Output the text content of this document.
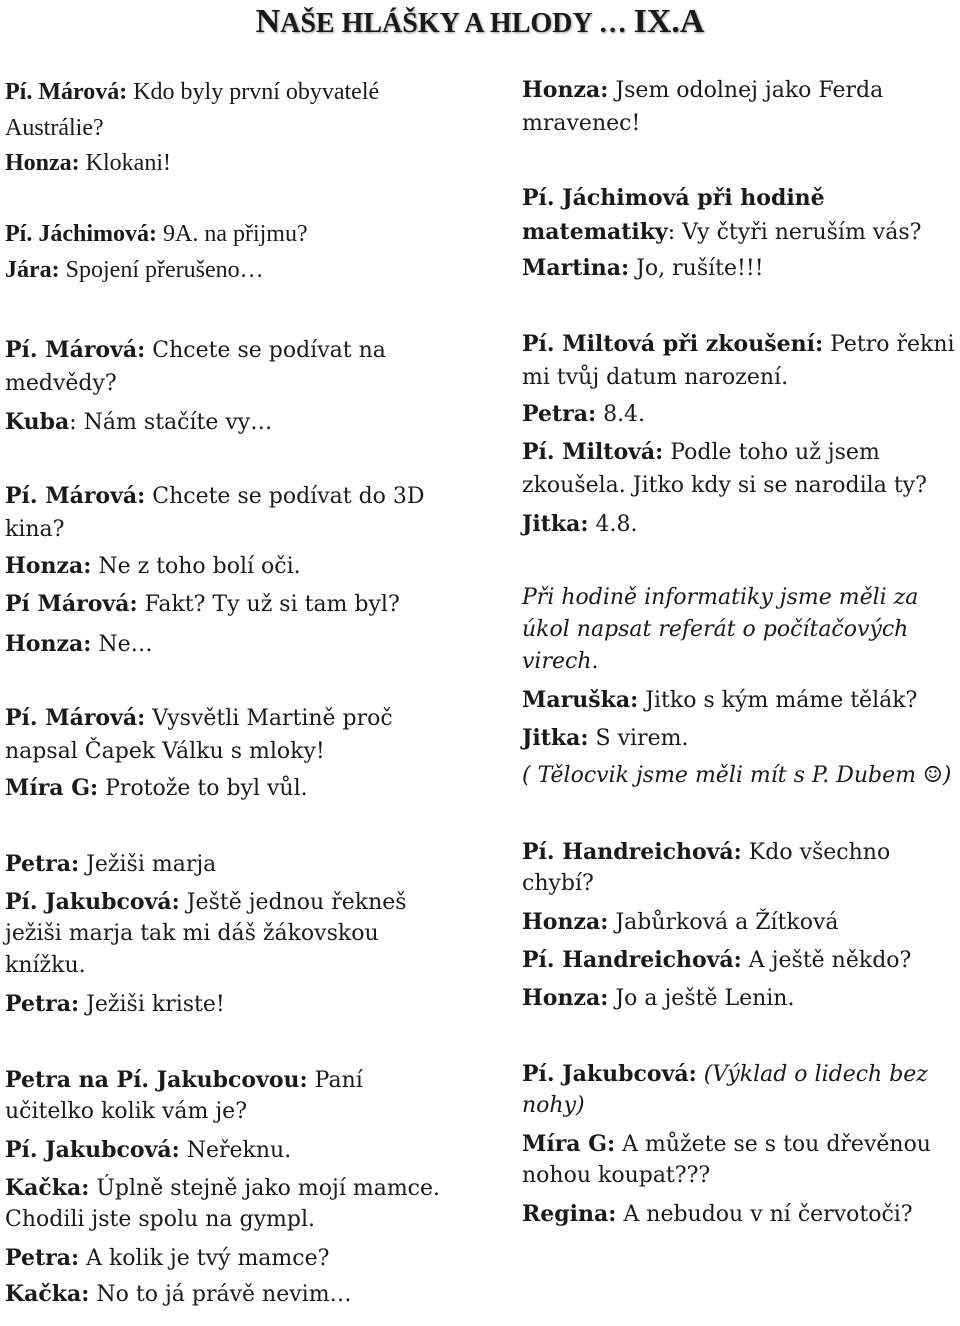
NAŠE HLÁŠKY A HLODY … IX.A
Pí. Márová: Kdo byly první obyvatelé
Austrálie?
Honza: Klokani!
Pí. Jáchimová: 9A. na přijmu?
Jára: Spojení přerušeno…
Pí. Márová: Chcete se podívat na
medvědy?
Kuba: Nám stačíte vy…
Pí. Márová: Chcete se podívat do 3D
kina?
Honza: Ne z toho bolí oči.
Pí Márová: Fakt? Ty už si tam byl?
Honza: Ne…
Pí. Márová: Vysvětli Martině proč
napsal Čapek Válku s mloky!
Míra G: Protože to byl vůl.
Petra: Ježiši marja
Pí. Jakubcová: Ještě jednou řekneš
ježiši marja tak mi dáš žákovskou
knížku.
Petra: Ježiši kriste!
Petra na Pí. Jakubcovou: Paní
učitelko kolik vám je?
Pí. Jakubcová: Neřeknu.
Kačka: Úplně stejně jako mojí mamce.
Chodili jste spolu na gympl.
Petra: A kolik je tvý mamce?
Kačka: No to já právě nevim…
Honza: Jsem odolnej jako Ferda
mravenec!
Pí. Jáchimová při hodině
matematiky: Vy čtyři neruším vás?
Martina: Jo, rušíte!!!
Pí. Miltová při zkoušení: Petro řekni
mi tvůj datum narození.
Petra: 8.4.
Pí. Miltová: Podle toho už jsem
zkoušela. Jitko kdy si se narodila ty?
Jitka: 4.8.
Při hodině informatiky jsme měli za
úkol napsat referát o počítačových
virech.
Maruška: Jitko s kým máme tělák?
Jitka: S virem.
( Tělocvik jsme měli mít s P. Dubem ☺)
Pí. Handreichová: Kdo všechno
chybí?
Honza: Jabůrková a Žítková
Pí. Handreichová: A ještě někdo?
Honza: Jo a ještě Lenin.
Pí. Jakubcová: (Výklad o lidech bez
nohy)
Míra G: A můžete se s tou dřevěnou
nohou koupat???
Regina: A nebudou v ní červotoči?
